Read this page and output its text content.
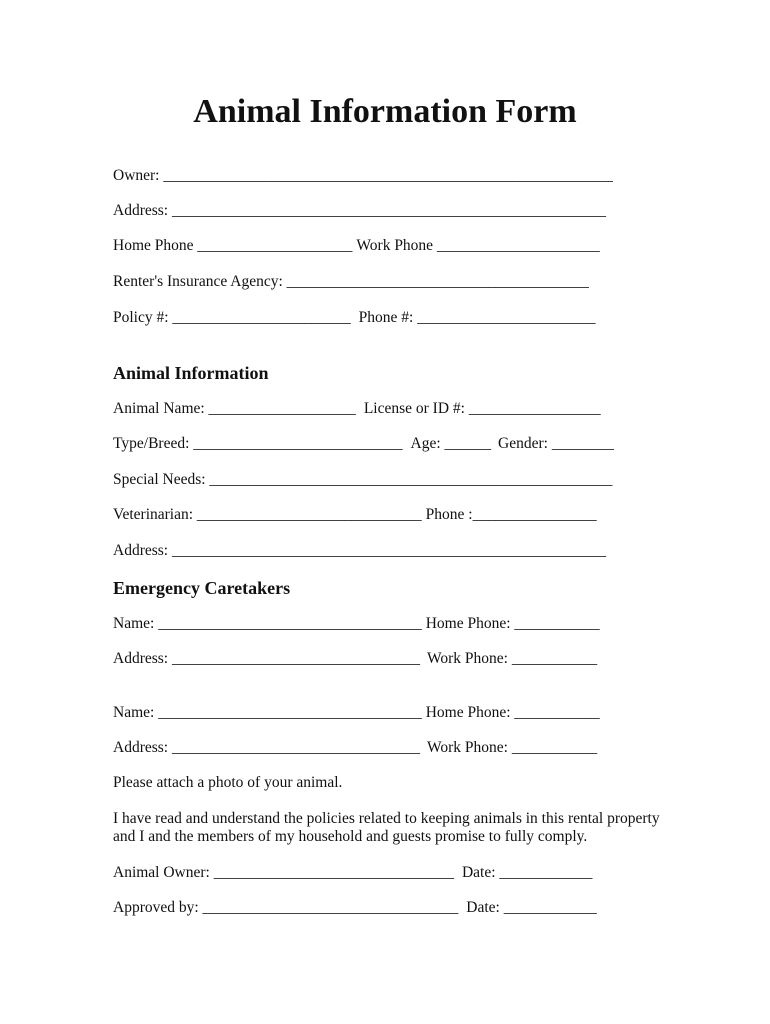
Animal Information Form
Owner: __________________________________________________________
Address: ________________________________________________________
Home Phone ____________________ Work Phone _____________________
Renter's Insurance Agency: _______________________________________
Policy #: _______________________ Phone #: _______________________
Animal Information
Animal Name: ___________________ License or ID #: _________________
Type/Breed: ___________________________ Age: ______ Gender: ________
Special Needs: ____________________________________________________
Veterinarian: _____________________________ Phone :________________
Address: ________________________________________________________
Emergency Caretakers
Name: __________________________________ Home Phone: ___________
Address: ________________________________ Work Phone: ___________
Name: __________________________________ Home Phone: ___________
Address: ________________________________ Work Phone: ___________
Please attach a photo of your animal.
I have read and understand the policies related to keeping animals in this rental property
and I and the members of my household and guests promise to fully comply.
Animal Owner: _______________________________ Date: ____________
Approved by: _________________________________ Date: ____________
